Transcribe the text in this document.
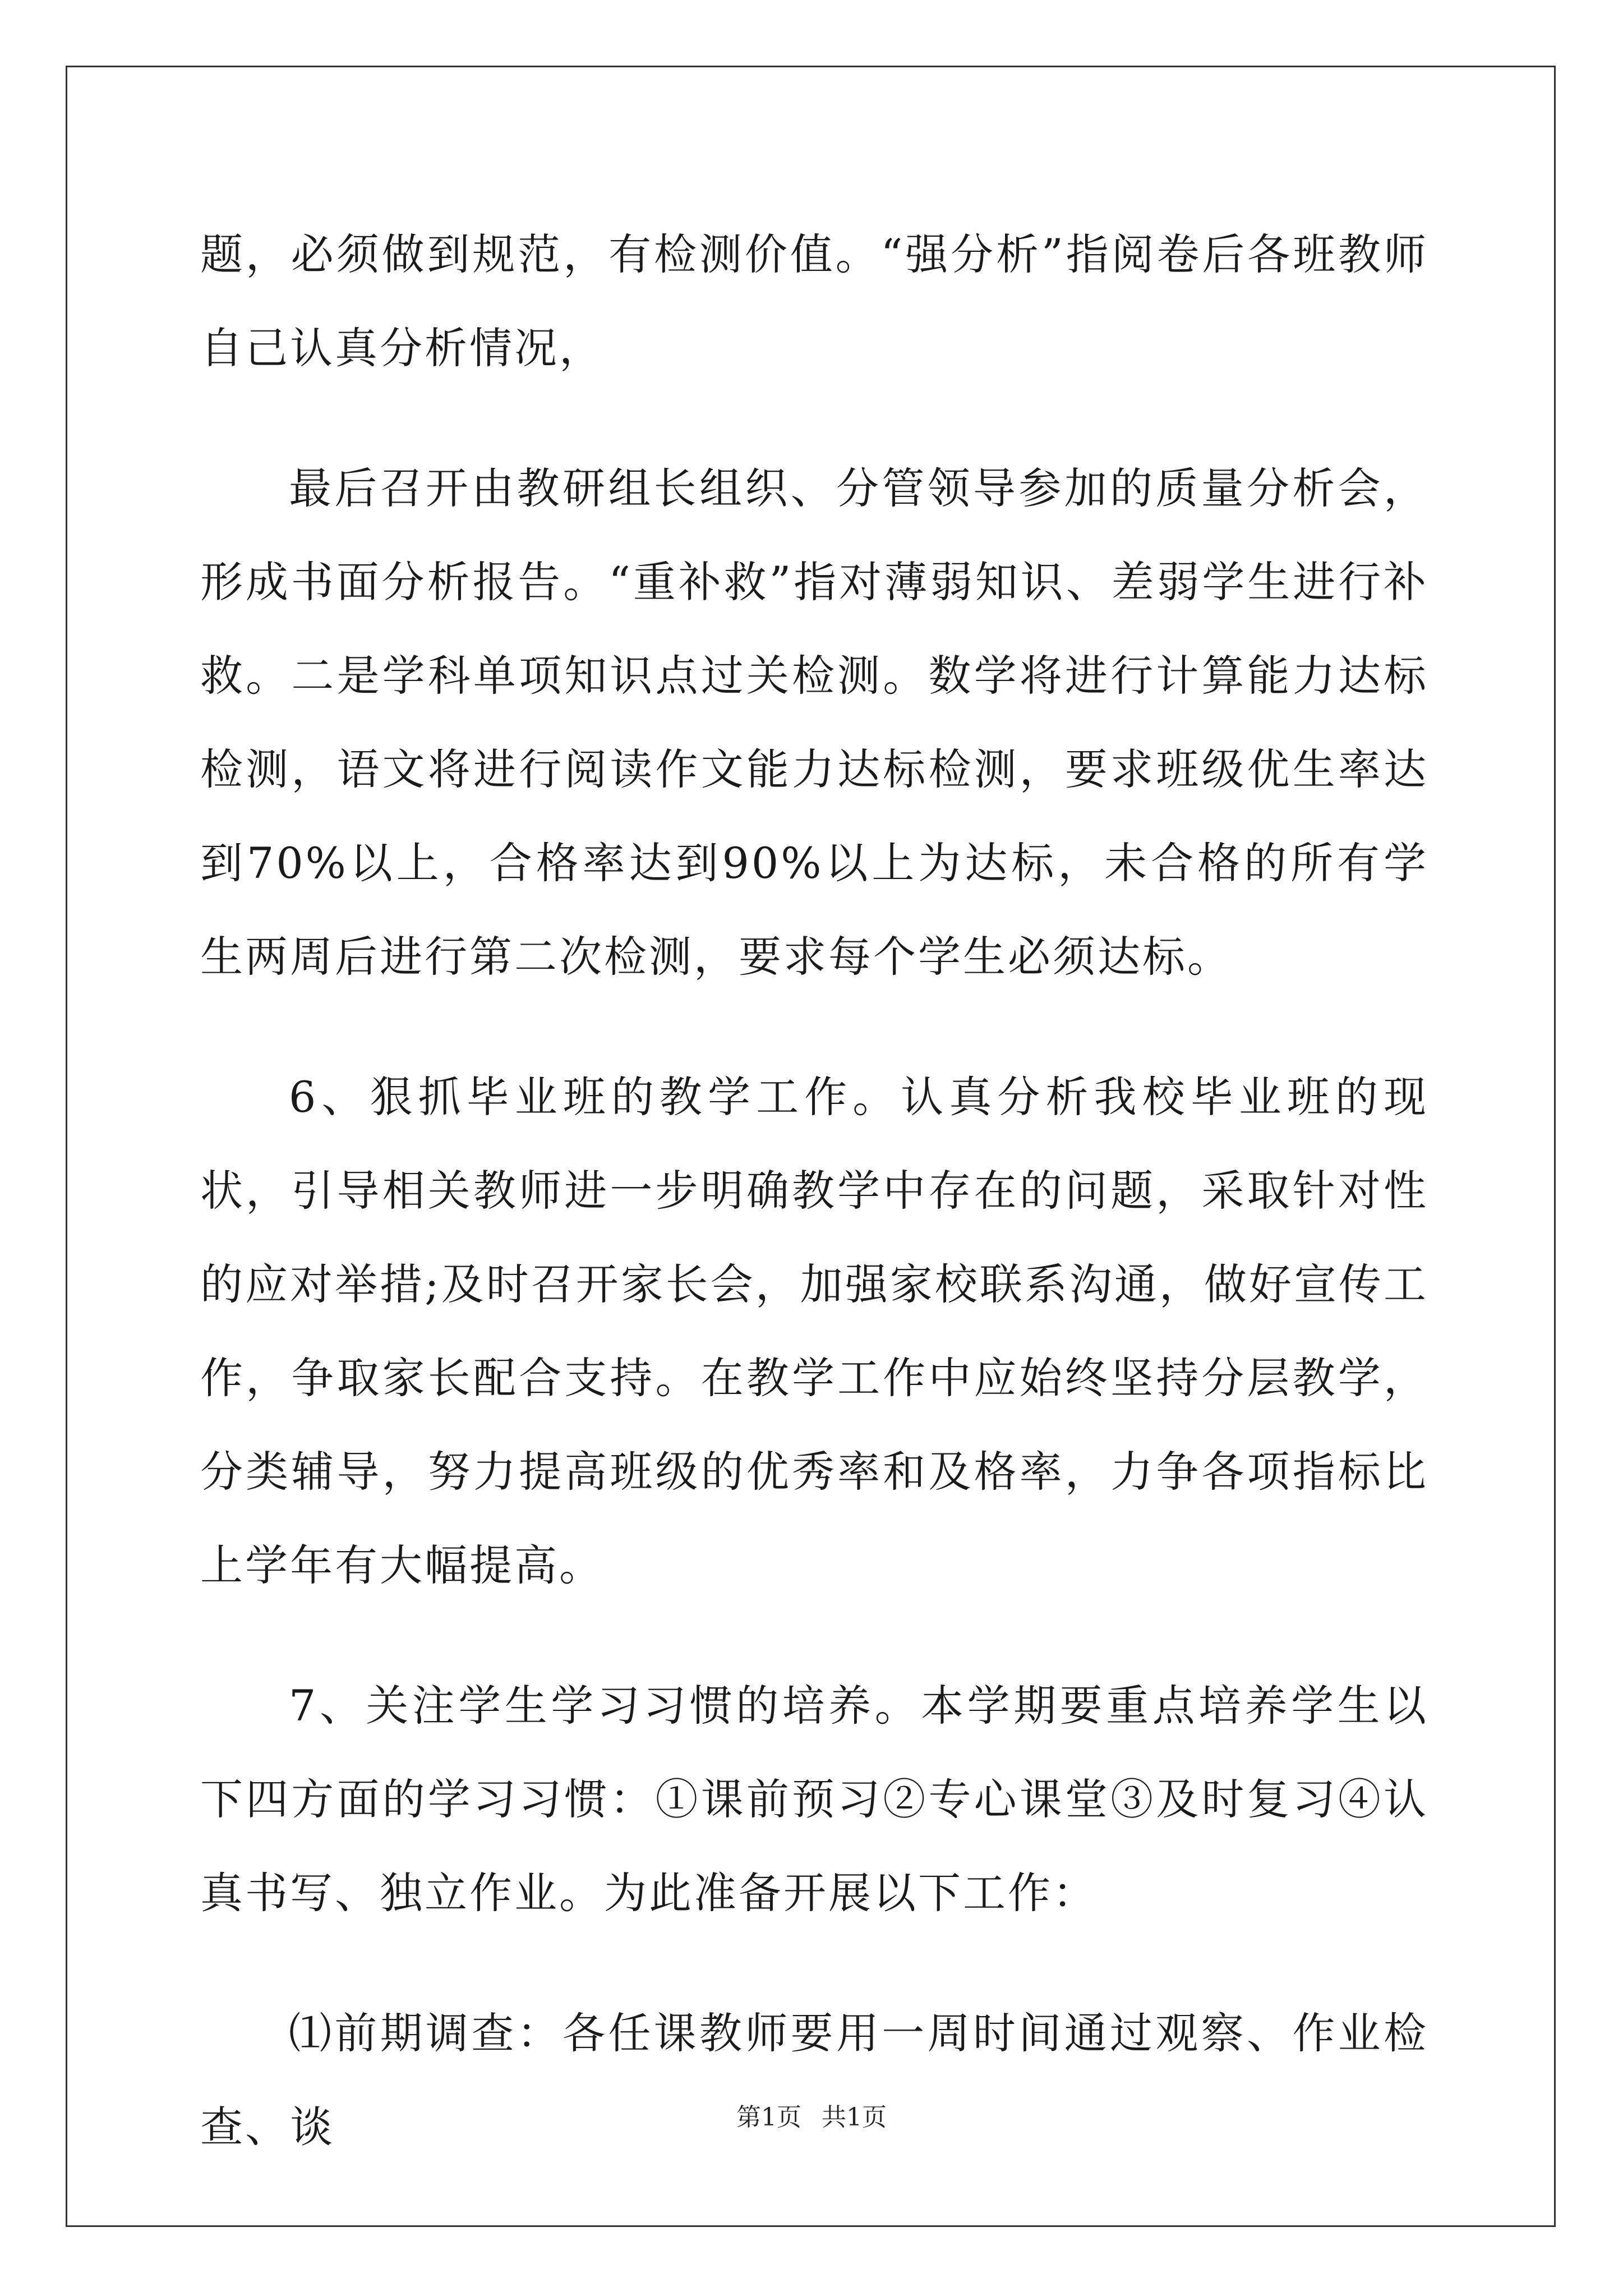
题，必须做到规范，有检测价值。“强分析”指阅卷后各班教师自己认真分析情况，

最后召开由教研组长组织、分管领导参加的质量分析会，形成书面分析报告。“重补救”指对薄弱知识、差弱学生进行补救。二是学科单项知识点过关检测。数学将进行计算能力达标检测，语文将进行阅读作文能力达标检测，要求班级优生率达到70%以上，合格率达到90%以上为达标，未合格的所有学生两周后进行第二次检测，要求每个学生必须达标。

6、狠抓毕业班的教学工作。认真分析我校毕业班的现状，引导相关教师进一步明确教学中存在的问题，采取针对性的应对举措;及时召开家长会，加强家校联系沟通，做好宣传工作，争取家长配合支持。在教学工作中应始终坚持分层教学，分类辅导，努力提高班级的优秀率和及格率，力争各项指标比上学年有大幅提高。

7、关注学生学习习惯的培养。本学期要重点培养学生以下四方面的学习习惯：①课前预习②专心课堂③及时复习④认真书写、独立作业。为此准备开展以下工作：

⑴前期调查：各任课教师要用一周时间通过观察、作业检查、谈	第1页 共1页
